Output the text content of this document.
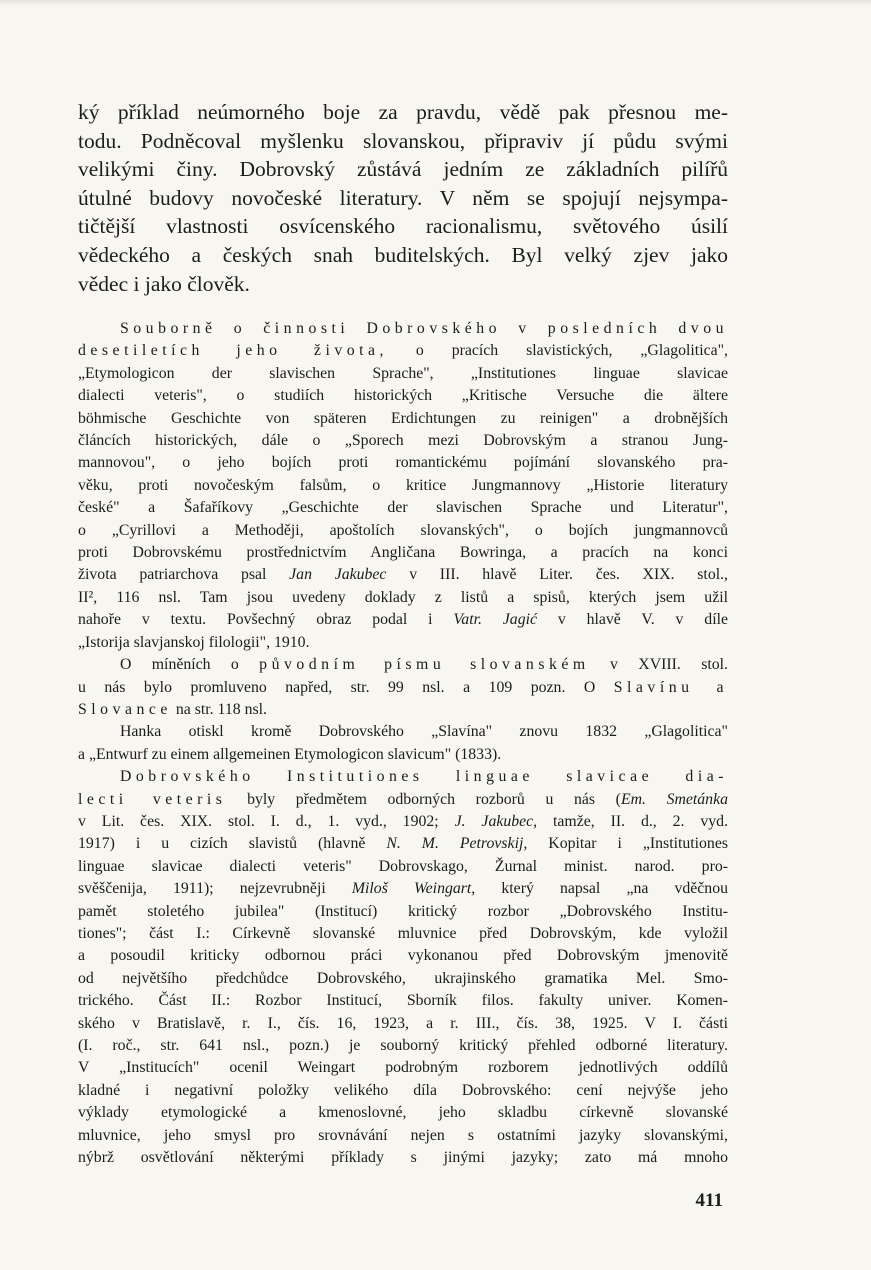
ký příklad neúmorného boje za pravdu, vědě pak přesnou me-
todu. Podněcoval myšlenku slovanskou, připraviv jí půdu svými
velikými činy. Dobrovský zůstává jedním ze základních pilířů
útulné budovy novočeské literatury. V něm se spojují nejsympa-
tičtější vlastnosti osvícenského racionalismu, světového úsilí
vědeckého a českých snah buditelských. Byl velký zjev jako
vědec i jako člověk.
Souborně o činnosti Dobrovského v posledních dvou
desetiletích jeho života, o pracích slavistických, „Glagolitica",
„Etymologicon der slavischen Sprache", „Institutiones linguae slavicae
dialecti veteris", o studiích historických „Kritische Versuche die ältere
böhmische Geschichte von späteren Erdichtungen zu reinigen" a drobnějších
článcích historických, dále o „Sporech mezi Dobrovským a stranou Jung-
mannovou", o jeho bojích proti romantickému pojímání slovanského pra-
věku, proti novočeským falsům, o kritice Jungmannovy „Historie literatury
české" a Šafaříkovy „Geschichte der slavischen Sprache und Literatur",
o „Cyrillovi a Methoději, apoštolích slovanských", o bojích jungmannovců
proti Dobrovskému prostřednictvím Angličana Bowringa, a pracích na konci
života patriarchova psal Jan Jakubec v III. hlavě Liter. čes. XIX. stol.,
II², 116 nsl. Tam jsou uvedeny doklady z listů a spisů, kterých jsem užil
nahoře v textu. Povšechný obraz podal i Vatr. Jagić v hlavě V. v díle
„Istorija slavjanskoj filologii", 1910.
O míněních o původním písmu slovanském v XVIII. stol.
u nás bylo promluveno napřed, str. 99 nsl. a 109 pozn. O Slavínu a
Slovance na str. 118 nsl.
Hanka otiskl kromě Dobrovského „Slavína" znovu 1832 „Glagolitica"
a „Entwurf zu einem allgemeinen Etymologicon slavicum" (1833).
Dobrovského Institutiones linguae slavicae dia-
lecti veteris byly předmětem odborných rozborů u nás (Em. Smetánka
v Lit. čes. XIX. stol. I. d., 1. vyd., 1902; J. Jakubec, tamže, II. d., 2. vyd.
1917) i u cizích slavistů (hlavně N. M. Petrovskij, Kopitar i „Institutiones
linguae slavicae dialecti veteris" Dobrovskago, Žurnal minist. narod. pro-
svěščenija, 1911); nejzevrubněji Miloš Weingart, který napsal „na vděčnou
pamět stoletého jubilea" (Institucí) kritický rozbor „Dobrovského Institu-
tiones"; část I.: Církevně slovanské mluvnice před Dobrovským, kde vyložil
a posoudil kriticky odbornou práci vykonanou před Dobrovským jmenovitě
od největšího předchůdce Dobrovského, ukrajinského gramatika Mel. Smo-
trického. Část II.: Rozbor Institucí, Sborník filos. fakulty univer. Komen-
ského v Bratislavě, r. I., čís. 16, 1923, a r. III., čís. 38, 1925. V I. části
(I. roč., str. 641 nsl., pozn.) je souborný kritický přehled odborné literatury.
V „Institucích" ocenil Weingart podrobným rozborem jednotlivých oddílů
kladné i negativní položky velikého díla Dobrovského: cení nejvýše jeho
výklady etymologické a kmenoslovné, jeho skladbu církevně slovanské
mluvnice, jeho smysl pro srovnávání nejen s ostatními jazyky slovanskými,
nýbrž osvětlování některými příklady s jinými jazyky; zato má mnoho
411
